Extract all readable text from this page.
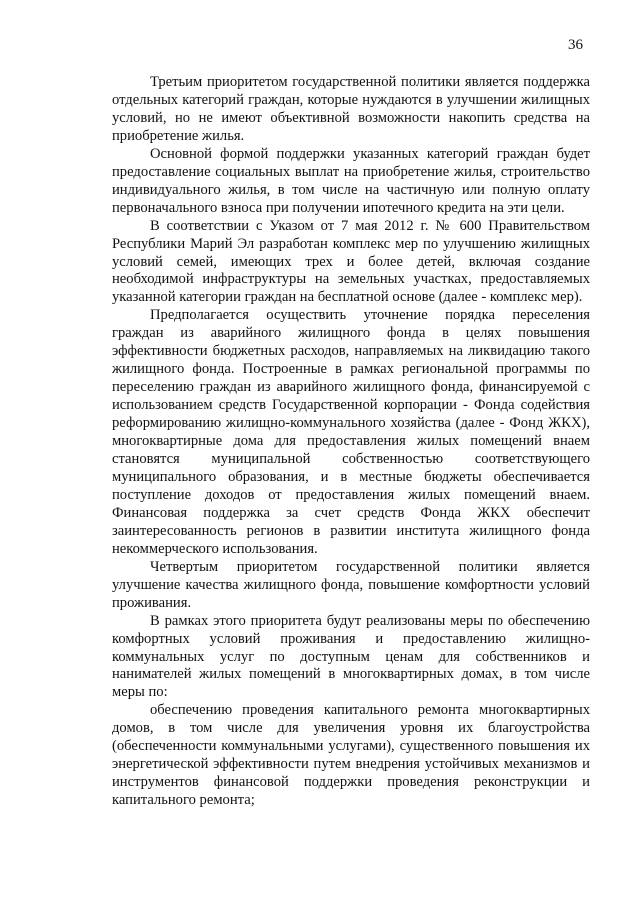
36

Третьим приоритетом государственной политики является поддержка отдельных категорий граждан, которые нуждаются в улучшении жилищных условий, но не имеют объективной возможности накопить средства на приобретение жилья.

Основной формой поддержки указанных категорий граждан будет предоставление социальных выплат на приобретение жилья, строительство индивидуального жилья, в том числе на частичную или полную оплату первоначального взноса при получении ипотечного кредита на эти цели.

В соответствии с Указом от 7 мая 2012 г. № 600 Правительством Республики Марий Эл разработан комплекс мер по улучшению жилищных условий семей, имеющих трех и более детей, включая создание необходимой инфраструктуры на земельных участках, предоставляемых указанной категории граждан на бесплатной основе (далее - комплекс мер).

Предполагается осуществить уточнение порядка переселения граждан из аварийного жилищного фонда в целях повышения эффективности бюджетных расходов, направляемых на ликвидацию такого жилищного фонда. Построенные в рамках региональной программы по переселению граждан из аварийного жилищного фонда, финансируемой с использованием средств Государственной корпорации - Фонда содействия реформированию жилищно-коммунального хозяйства (далее - Фонд ЖКХ), многоквартирные дома для предоставления жилых помещений внаем становятся муниципальной собственностью соответствующего муниципального образования, и в местные бюджеты обеспечивается поступление доходов от предоставления жилых помещений внаем. Финансовая поддержка за счет средств Фонда ЖКХ обеспечит заинтересованность регионов в развитии института жилищного фонда некоммерческого использования.

Четвертым приоритетом государственной политики является улучшение качества жилищного фонда, повышение комфортности условий проживания.

В рамках этого приоритета будут реализованы меры по обеспечению комфортных условий проживания и предоставлению жилищно-коммунальных услуг по доступным ценам для собственников и нанимателей жилых помещений в многоквартирных домах, в том числе меры по:

обеспечению проведения капитального ремонта многоквартирных домов, в том числе для увеличения уровня их благоустройства (обеспеченности коммунальными услугами), существенного повышения их энергетической эффективности путем внедрения устойчивых механизмов и инструментов финансовой поддержки проведения реконструкции и капитального ремонта;
